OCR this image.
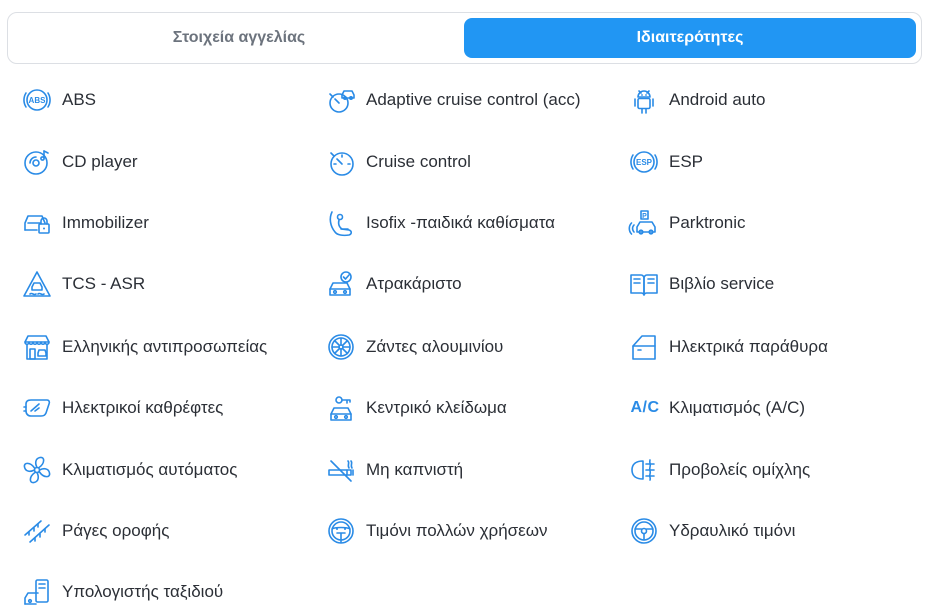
Στοιχεία αγγελίας	Ιδιαιτερότητες
ABS ABS	Adaptive cruise control (acc)	Android auto
CD player	Cruise control	ESP ESP
Immobilizer	Isofix -παιδικά καθίσματα	P Parktronic
TCS - ASR	Ατρακάριστο	Βιβλίο service
Ελληνικής αντιπροσωπείας	Ζάντες αλουμινίου	Ηλεκτρικά παράθυρα
Ηλεκτρικοί καθρέφτες	Κεντρικό κλείδωμα	A/C Κλιματισμός (A/C)
Κλιματισμός αυτόματος	Μη καπνιστή	Προβολείς ομίχλης
Ράγες οροφής	Τιμόνι πολλών χρήσεων	Υδραυλικό τιμόνι
Υπολογιστής ταξιδιού
